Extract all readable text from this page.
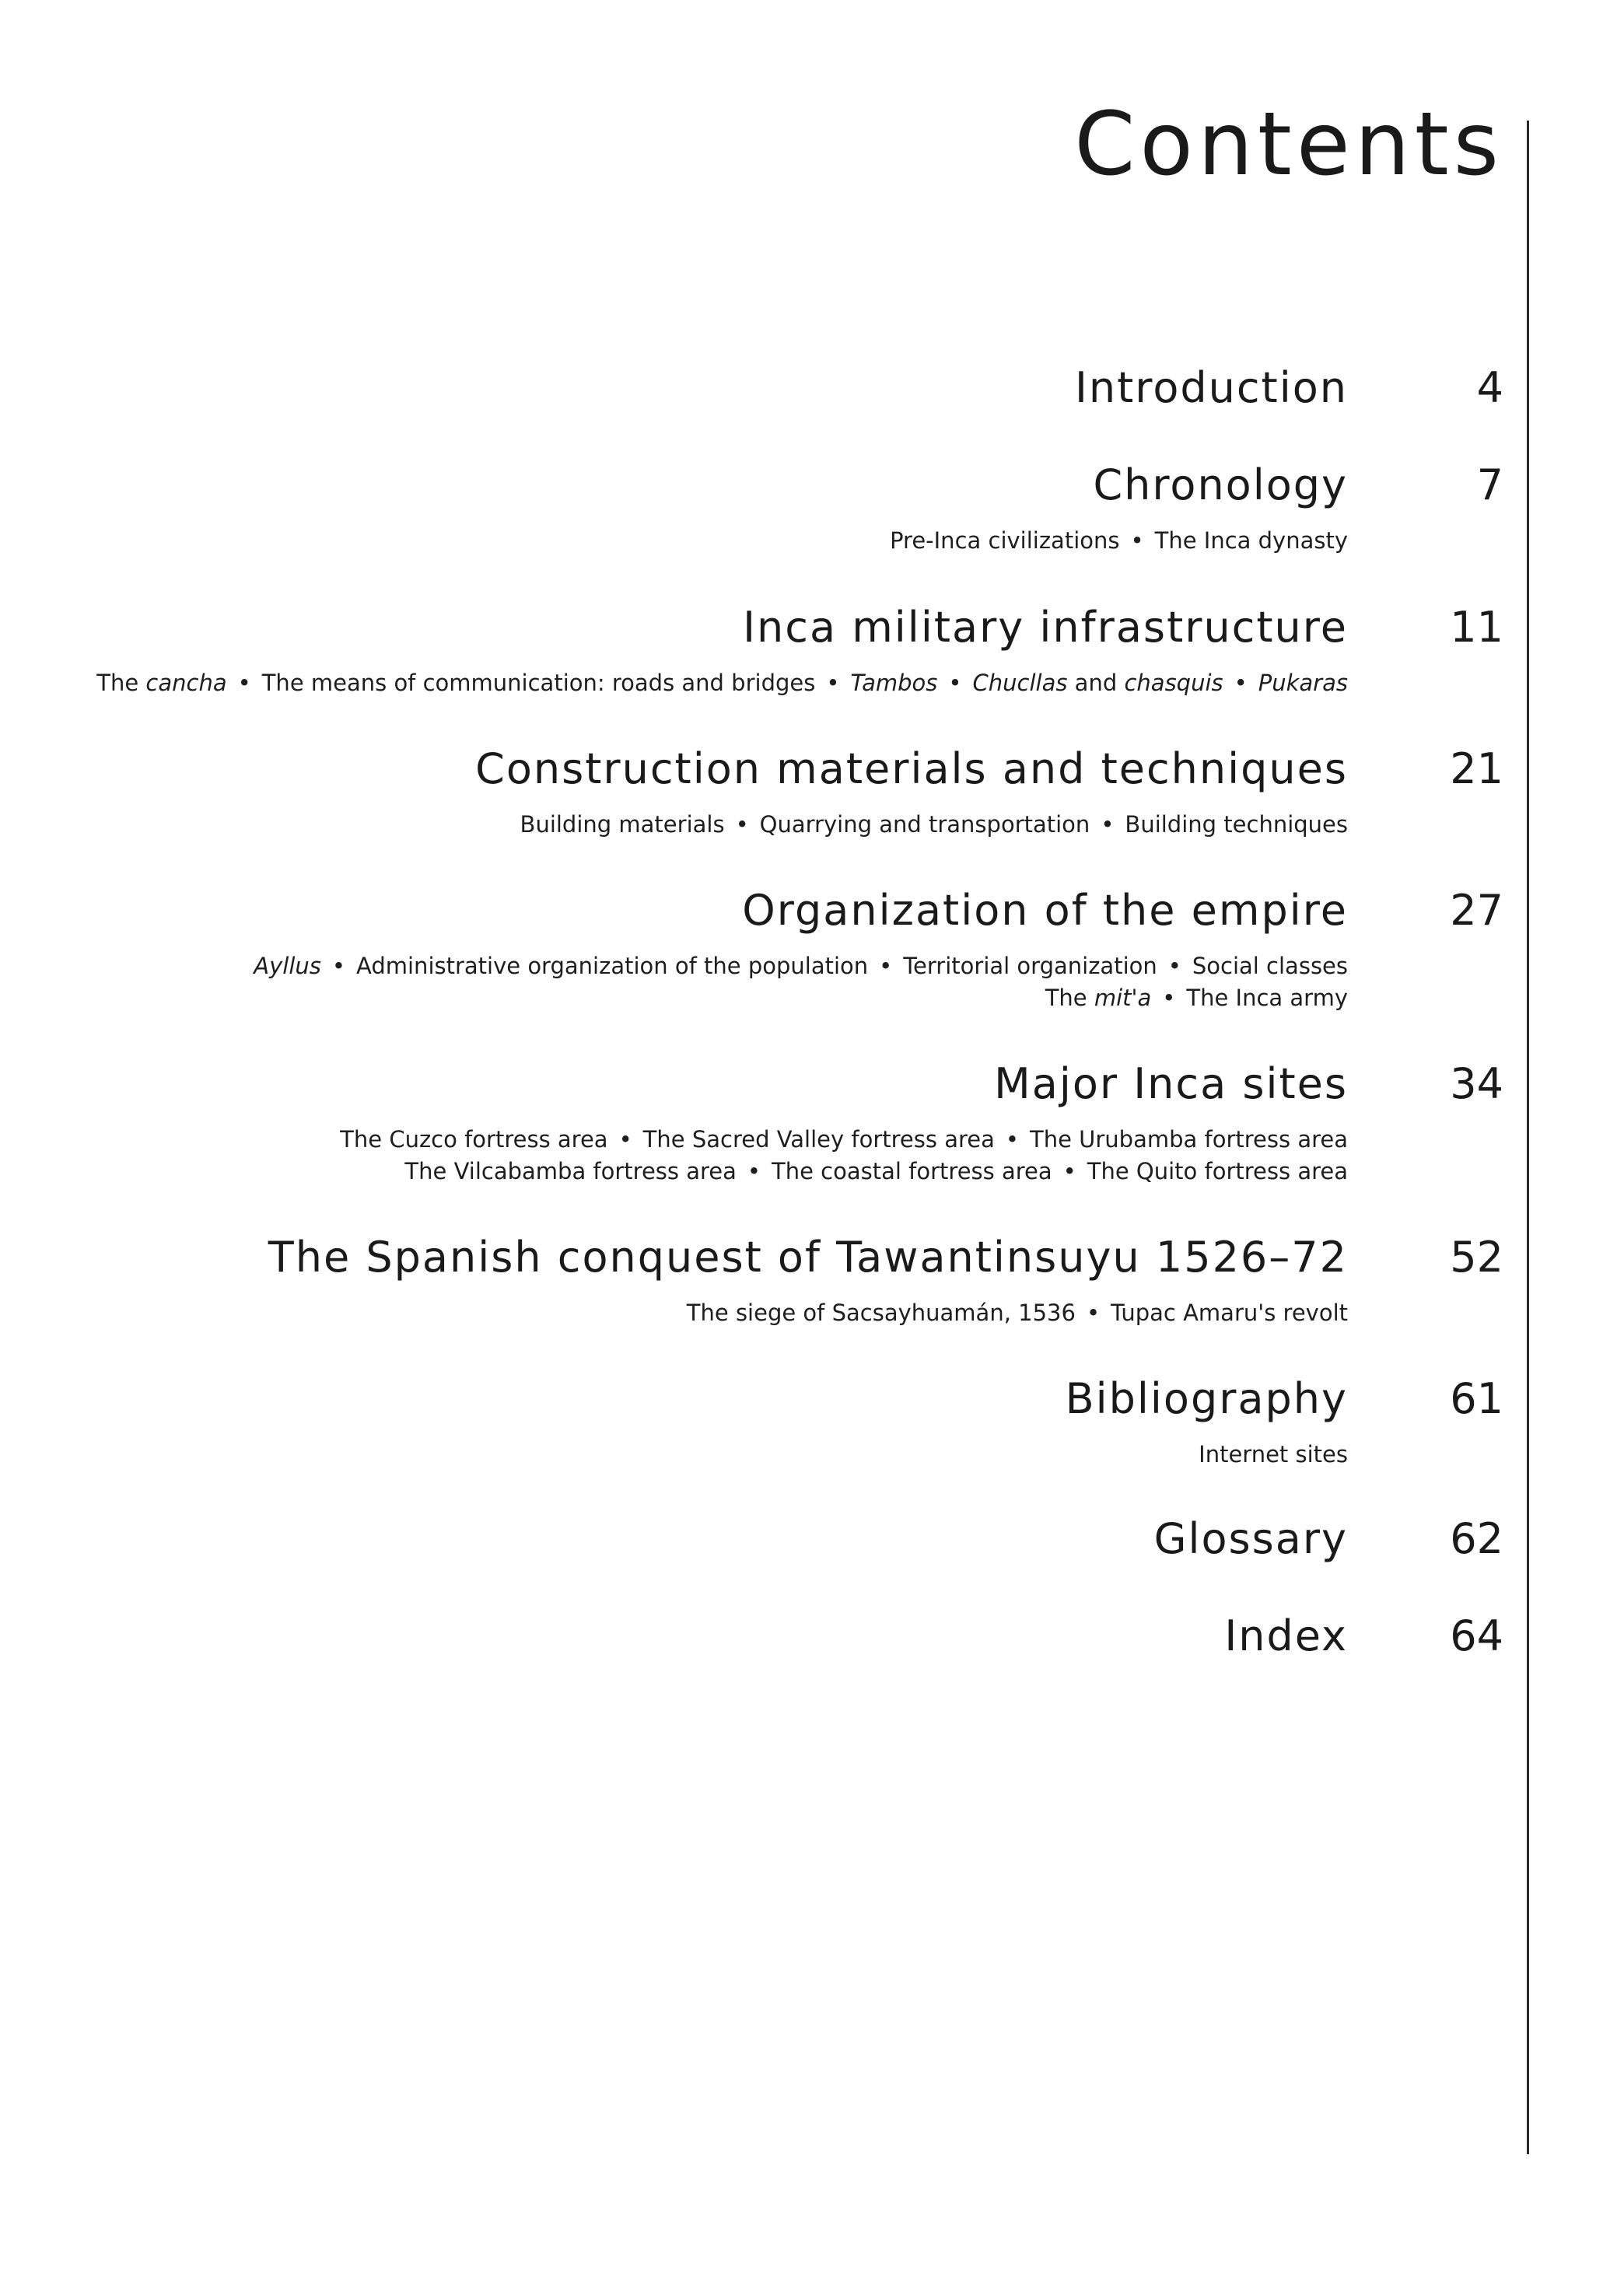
Contents
Introduction	4
Chronology	7
Pre-Inca civilizations • The Inca dynasty
Inca military infrastructure 11
The cancha • The means of communication: roads and bridges • Tambos • Chucllas and chasquis • Pukaras
Construction materials and techniques 21
Building materials • Quarrying and transportation • Building techniques
Organization of the empire 27
Ayllus • Administrative organization of the population • Territorial organization • Social classes
The mit'a • The Inca army
Major Inca sites 34
The Cuzco fortress area • The Sacred Valley fortress area • The Urubamba fortress area
The Vilcabamba fortress area • The coastal fortress area • The Quito fortress area
The Spanish conquest of Tawantinsuyu 1526–72 52
The siege of Sacsayhuamán, 1536 • Tupac Amaru's revolt
Bibliography 61
Internet sites
Glossary 62
Index 64
